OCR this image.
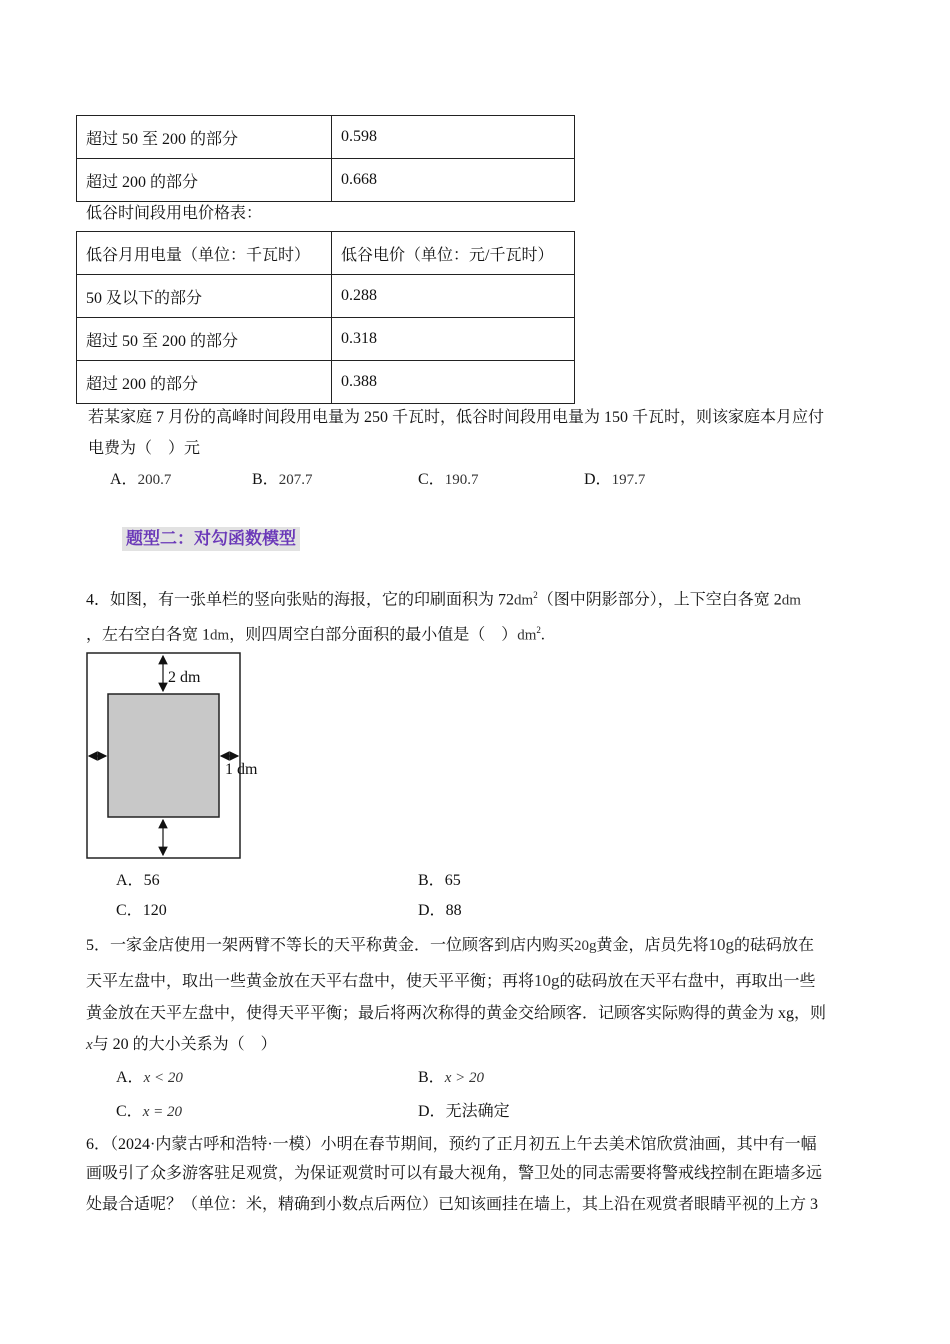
超过 50 至 200 的部分	0.598
超过 200 的部分	0.668
低谷时间段用电价格表：
低谷月用电量（单位：千瓦时）	低谷电价（单位：元/千瓦时）
50 及以下的部分	0.288
超过 50 至 200 的部分	0.318
超过 200 的部分	0.388
若某家庭 7 月份的高峰时间段用电量为 250 千瓦时，低谷时间段用电量为 150 千瓦时，则该家庭本月应付
电费为（　）元
A．200.7	B．207.7	C．190.7	D．197.7
题型二：对勾函数模型
4．如图，有一张单栏的竖向张贴的海报，它的印刷面积为 $72dm^2$（图中阴影部分），上下空白各宽 2dm
，左右空白各宽 1dm，则四周空白部分面积的最小值是（　）$dm^2$.
2 dm
1 dm
A．56	B．65
C．120	D．88
5．一家金店使用一架两臂不等长的天平称黄金．一位顾客到店内购买20g黄金，店员先将10g的砝码放在
天平左盘中，取出一些黄金放在天平右盘中，使天平平衡；再将10g的砝码放在天平右盘中，再取出一些
黄金放在天平左盘中，使得天平平衡；最后将两次称得的黄金交给顾客．记顾客实际购得的黄金为 xg，则
x与 20 的大小关系为（　）
A．x < 20	B．x > 20
C．x = 20	D．无法确定
6．（2024·内蒙古呼和浩特·一模）小明在春节期间，预约了正月初五上午去美术馆欣赏油画，其中有一幅
画吸引了众多游客驻足观赏，为保证观赏时可以有最大视角，警卫处的同志需要将警戒线控制在距墙多远
处最合适呢？（单位：米，精确到小数点后两位）已知该画挂在墙上，其上沿在观赏者眼睛平视的上方 3
